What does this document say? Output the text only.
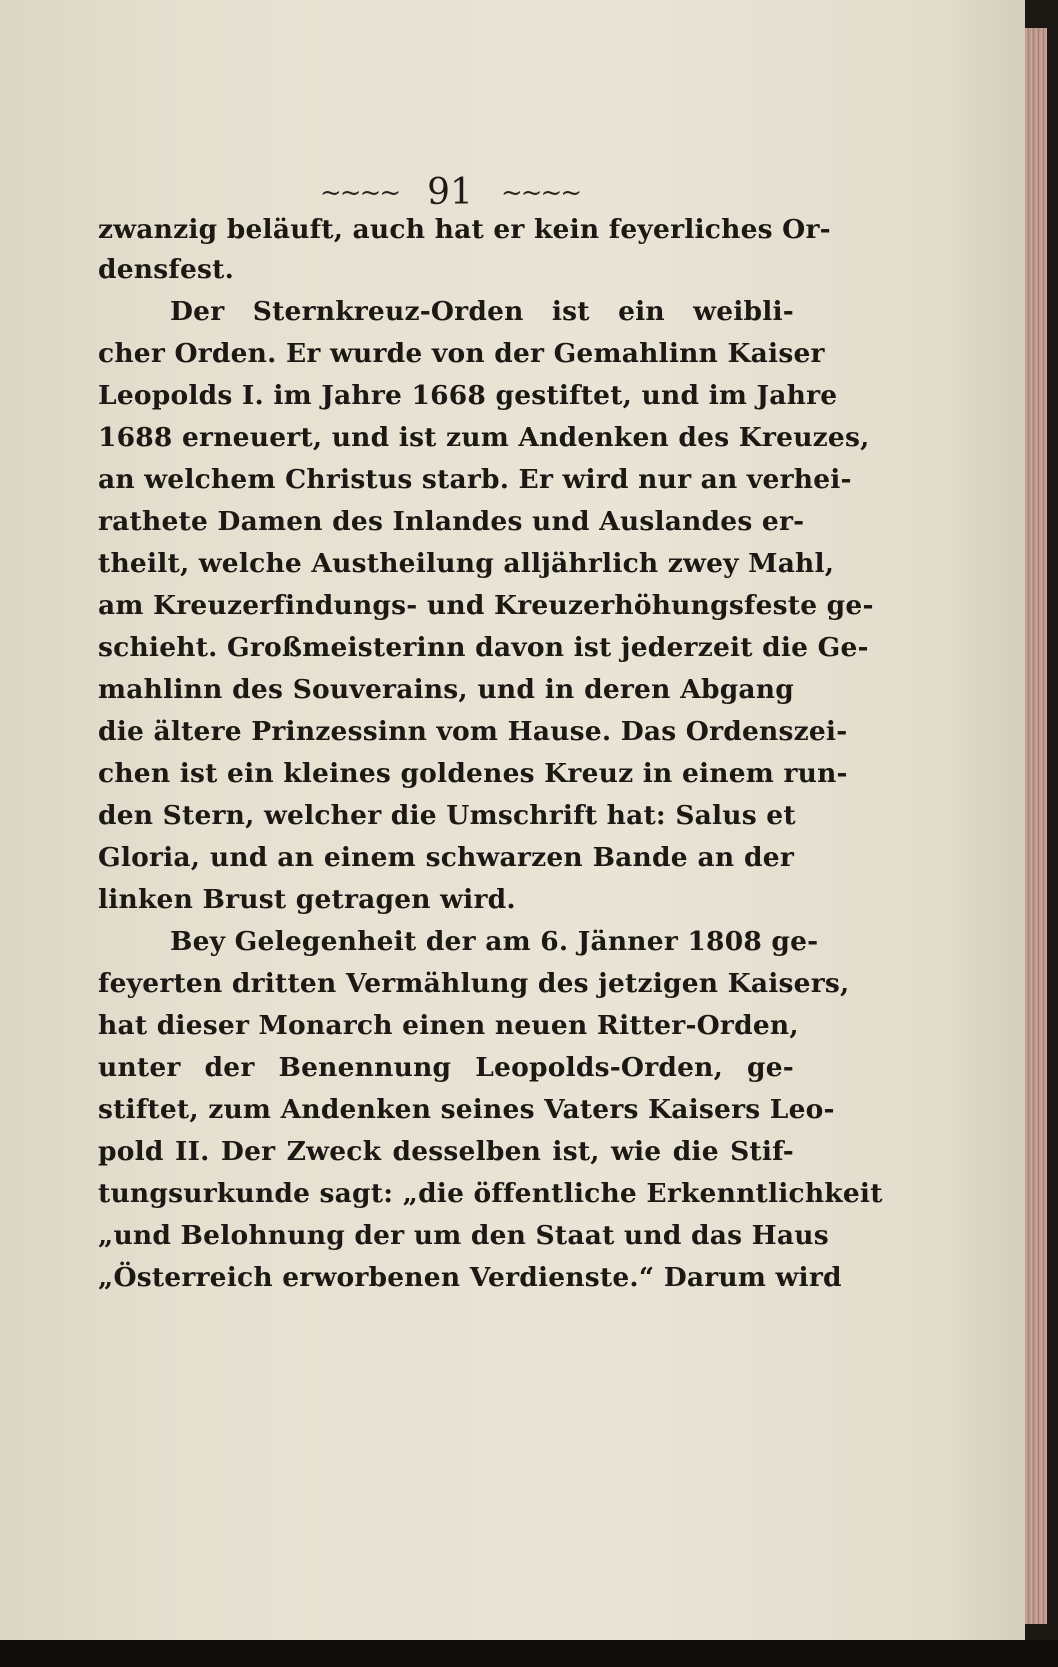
~~~~ 91 ~~~~
zwanzig beläuft, auch hat er kein feyerliches Or-
densfest.
Der Sternkreuz-Orden ist ein weibli-
cher Orden. Er wurde von der Gemahlinn Kaiser
Leopolds I. im Jahre 1668 gestiftet, und im Jahre
1688 erneuert, und ist zum Andenken des Kreuzes,
an welchem Christus starb. Er wird nur an verhei-
rathete Damen des Inlandes und Auslandes er-
theilt, welche Austheilung alljährlich zwey Mahl,
am Kreuzerfindungs- und Kreuzerhöhungsfeste ge-
schieht. Großmeisterinn davon ist jederzeit die Ge-
mahlinn des Souverains, und in deren Abgang
die ältere Prinzessinn vom Hause. Das Ordenszei-
chen ist ein kleines goldenes Kreuz in einem run-
den Stern, welcher die Umschrift hat: Salus et
Gloria, und an einem schwarzen Bande an der
linken Brust getragen wird.
Bey Gelegenheit der am 6. Jänner 1808 ge-
feyerten dritten Vermählung des jetzigen Kaisers,
hat dieser Monarch einen neuen Ritter-Orden,
unter der Benennung Leopolds-Orden, ge-
stiftet, zum Andenken seines Vaters Kaisers Leo-
pold II. Der Zweck desselben ist, wie die Stif-
tungsurkunde sagt: „die öffentliche Erkenntlichkeit
„und Belohnung der um den Staat und das Haus
„Österreich erworbenen Verdienste.“ Darum wird
